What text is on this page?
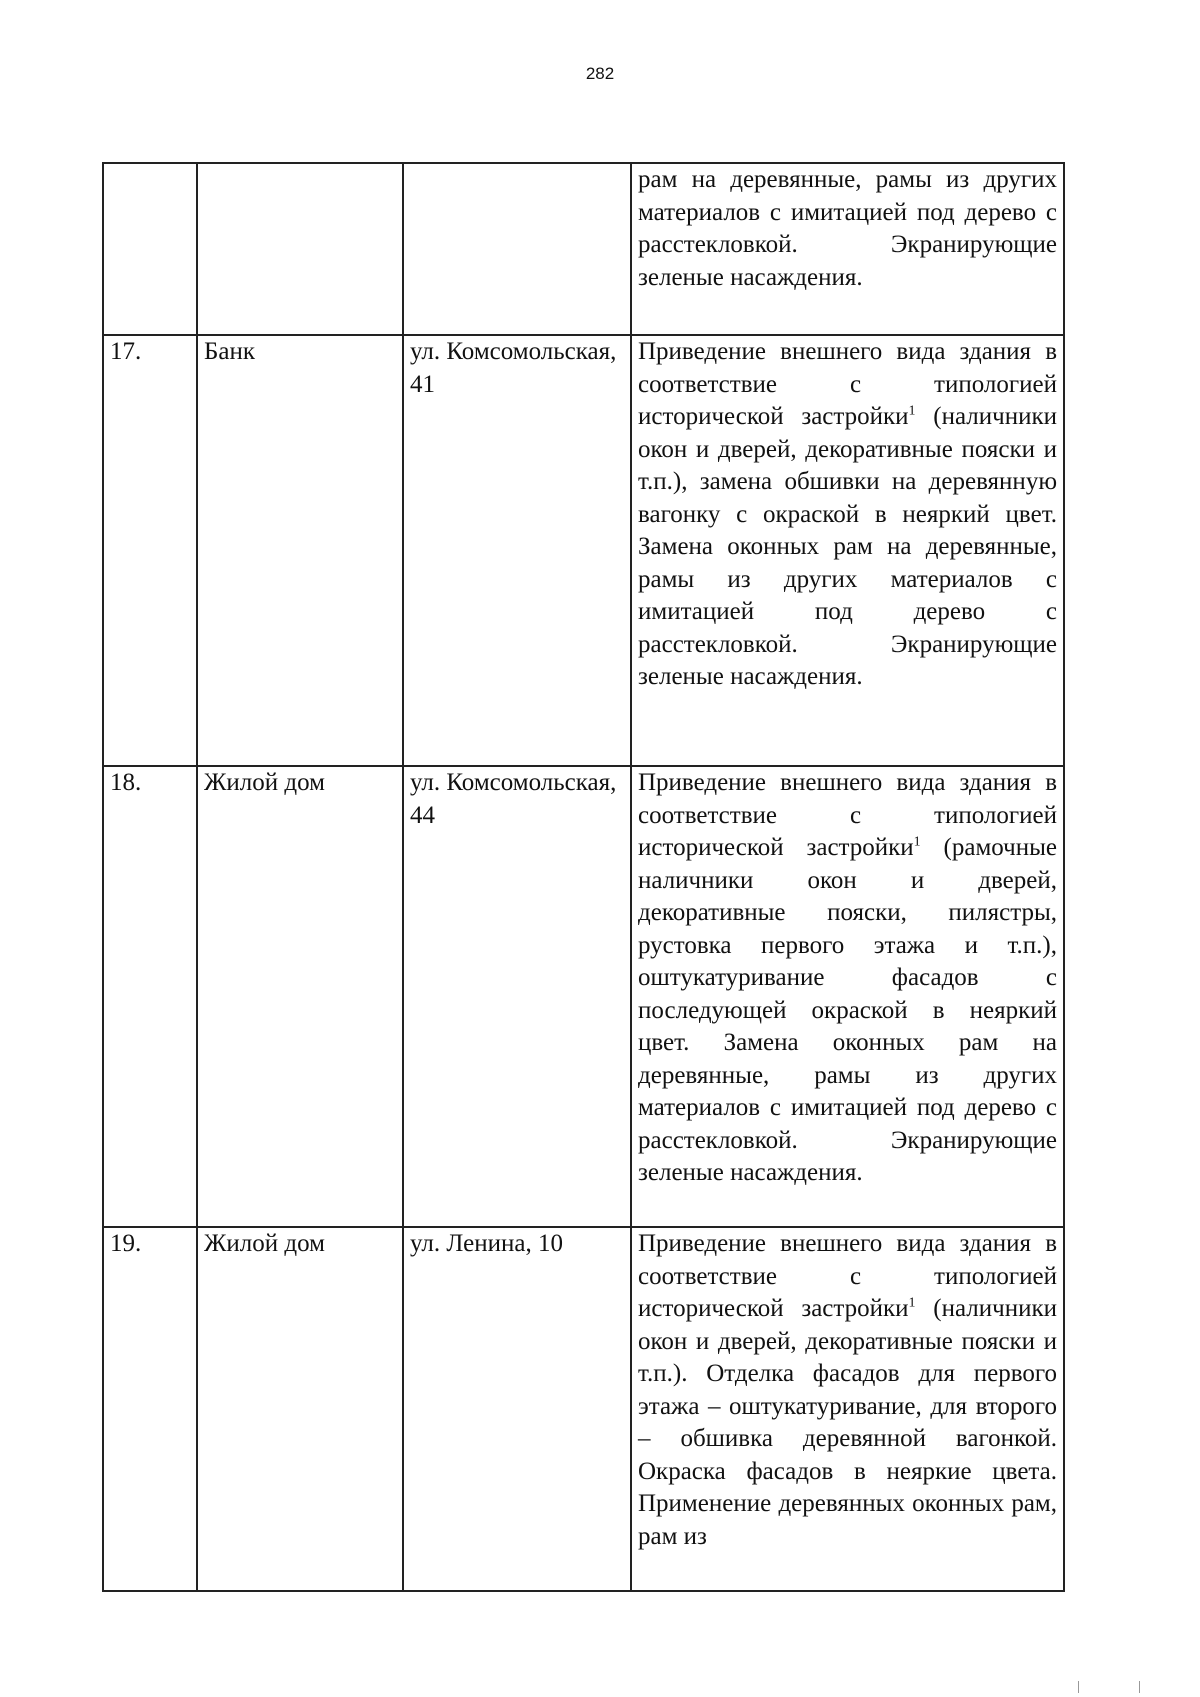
282
			рам на деревянные, рамы из других материалов с имитацией под дерево с расстекловкой. Экранирующие зеленые насаждения.
17.	Банк	ул. Комсомольская, 41	Приведение внешнего вида здания в соответствие с типологией исторической застройки$^1$ (наличники окон и дверей, декоративные пояски и т.п.), замена обшивки на деревянную вагонку с окраской в неяркий цвет. Замена оконных рам на деревянные, рамы из других материалов с имитацией под дерево с расстекловкой. Экранирующие зеленые насаждения.
18.	Жилой дом	ул. Комсомольская, 44	Приведение внешнего вида здания в соответствие с типологией исторической застройки$^1$ (рамочные наличники окон и дверей, декоративные пояски, пилястры, рустовка первого этажа и т.п.), оштукатуривание фасадов с последующей окраской в неяркий цвет. Замена оконных рам на деревянные, рамы из других материалов с имитацией под дерево с расстекловкой. Экранирующие зеленые насаждения.
19.	Жилой дом	ул. Ленина, 10	Приведение внешнего вида здания в соответствие с типологией исторической застройки$^1$ (наличники окон и дверей, декоративные пояски и т.п.). Отделка фасадов для первого этажа – оштукатуривание, для второго – обшивка деревянной вагонкой. Окраска фасадов в неяркие цвета. Применение деревянных оконных рам, рам из
